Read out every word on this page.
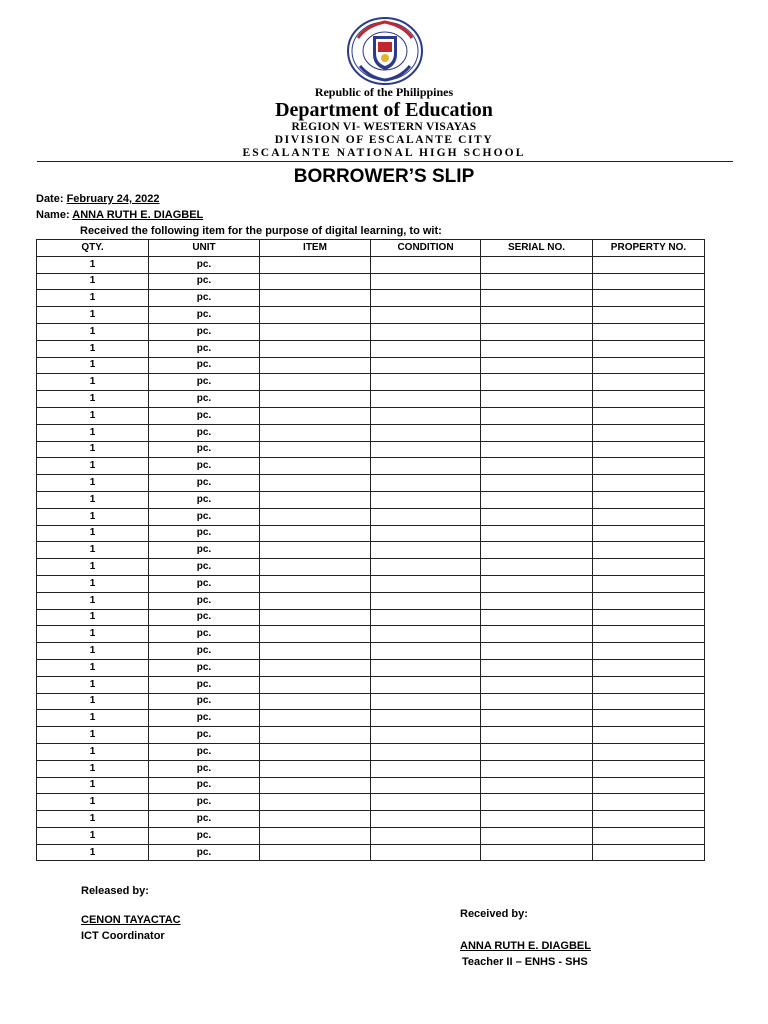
Republic of the Philippines
Department of Education
REGION VI- WESTERN VISAYAS
DIVISION OF ESCALANTE CITY
ESCALANTE NATIONAL HIGH SCHOOL
BORROWER’S SLIP
Date: February 24, 2022
Name: ANNA RUTH E. DIAGBEL
Received the following item for the purpose of digital learning, to wit:
QTY.	UNIT	ITEM	CONDITION	SERIAL NO.	PROPERTY NO.
1	pc.				
1	pc.				
1	pc.				
1	pc.				
1	pc.				
1	pc.				
1	pc.				
1	pc.				
1	pc.				
1	pc.				
1	pc.				
1	pc.				
1	pc.				
1	pc.				
1	pc.				
1	pc.				
1	pc.				
1	pc.				
1	pc.				
1	pc.				
1	pc.				
1	pc.				
1	pc.				
1	pc.				
1	pc.				
1	pc.				
1	pc.				
1	pc.				
1	pc.				
1	pc.				
1	pc.				
1	pc.				
1	pc.				
1	pc.				
1	pc.				
1	pc.				
Released by:
CENON TAYACTAC
ICT Coordinator
Received by:
ANNA RUTH E. DIAGBEL
Teacher II – ENHS - SHS
